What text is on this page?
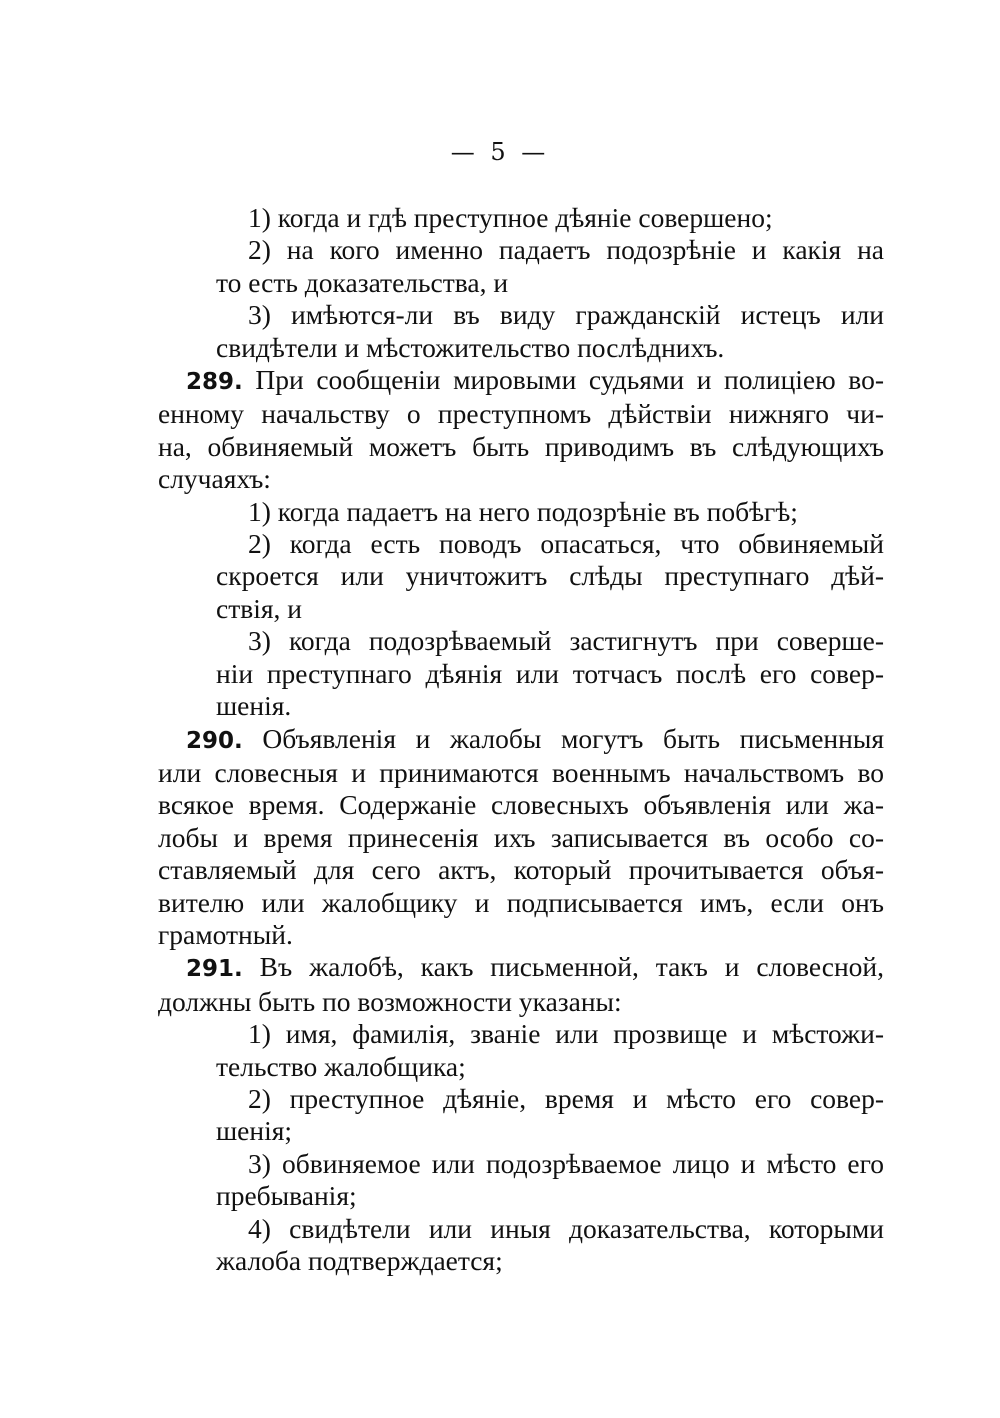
— 5 —
1) когда и гдѣ преступное дѣяніе совершено;
2) на кого именно падаетъ подозрѣніе и какія на
то есть доказательства, и
3) имѣются-ли въ виду гражданскій истецъ или
свидѣтели и мѣстожительство послѣднихъ.
289. При сообщеніи мировыми судьями и полиціею во-
енному начальству о преступномъ дѣйствіи нижняго чи-
на, обвиняемый можетъ быть приводимъ въ слѣдующихъ
случаяхъ:
1) когда падаетъ на него подозрѣніе въ побѣгѣ;
2) когда есть поводъ опасаться, что обвиняемый
скроется или уничтожитъ слѣды преступнаго дѣй-
ствія, и
3) когда подозрѣваемый застигнутъ при соверше-
ніи преступнаго дѣянія или тотчасъ послѣ его совер-
шенія.
290. Объявленія и жалобы могутъ быть письменныя
или словесныя и принимаются военнымъ начальствомъ во
всякое время. Содержаніе словесныхъ объявленія или жа-
лобы и время принесенія ихъ записывается въ особо со-
ставляемый для сего актъ, который прочитывается объя-
вителю или жалобщику и подписывается имъ, если онъ
грамотный.
291. Въ жалобѣ, какъ письменной, такъ и словесной,
должны быть по возможности указаны:
1) имя, фамилія, званіе или прозвище и мѣстожи-
тельство жалобщика;
2) преступное дѣяніе, время и мѣсто его совер-
шенія;
3) обвиняемое или подозрѣваемое лицо и мѣсто его
пребыванія;
4) свидѣтели или иныя доказательства, которыми
жалоба подтверждается;
